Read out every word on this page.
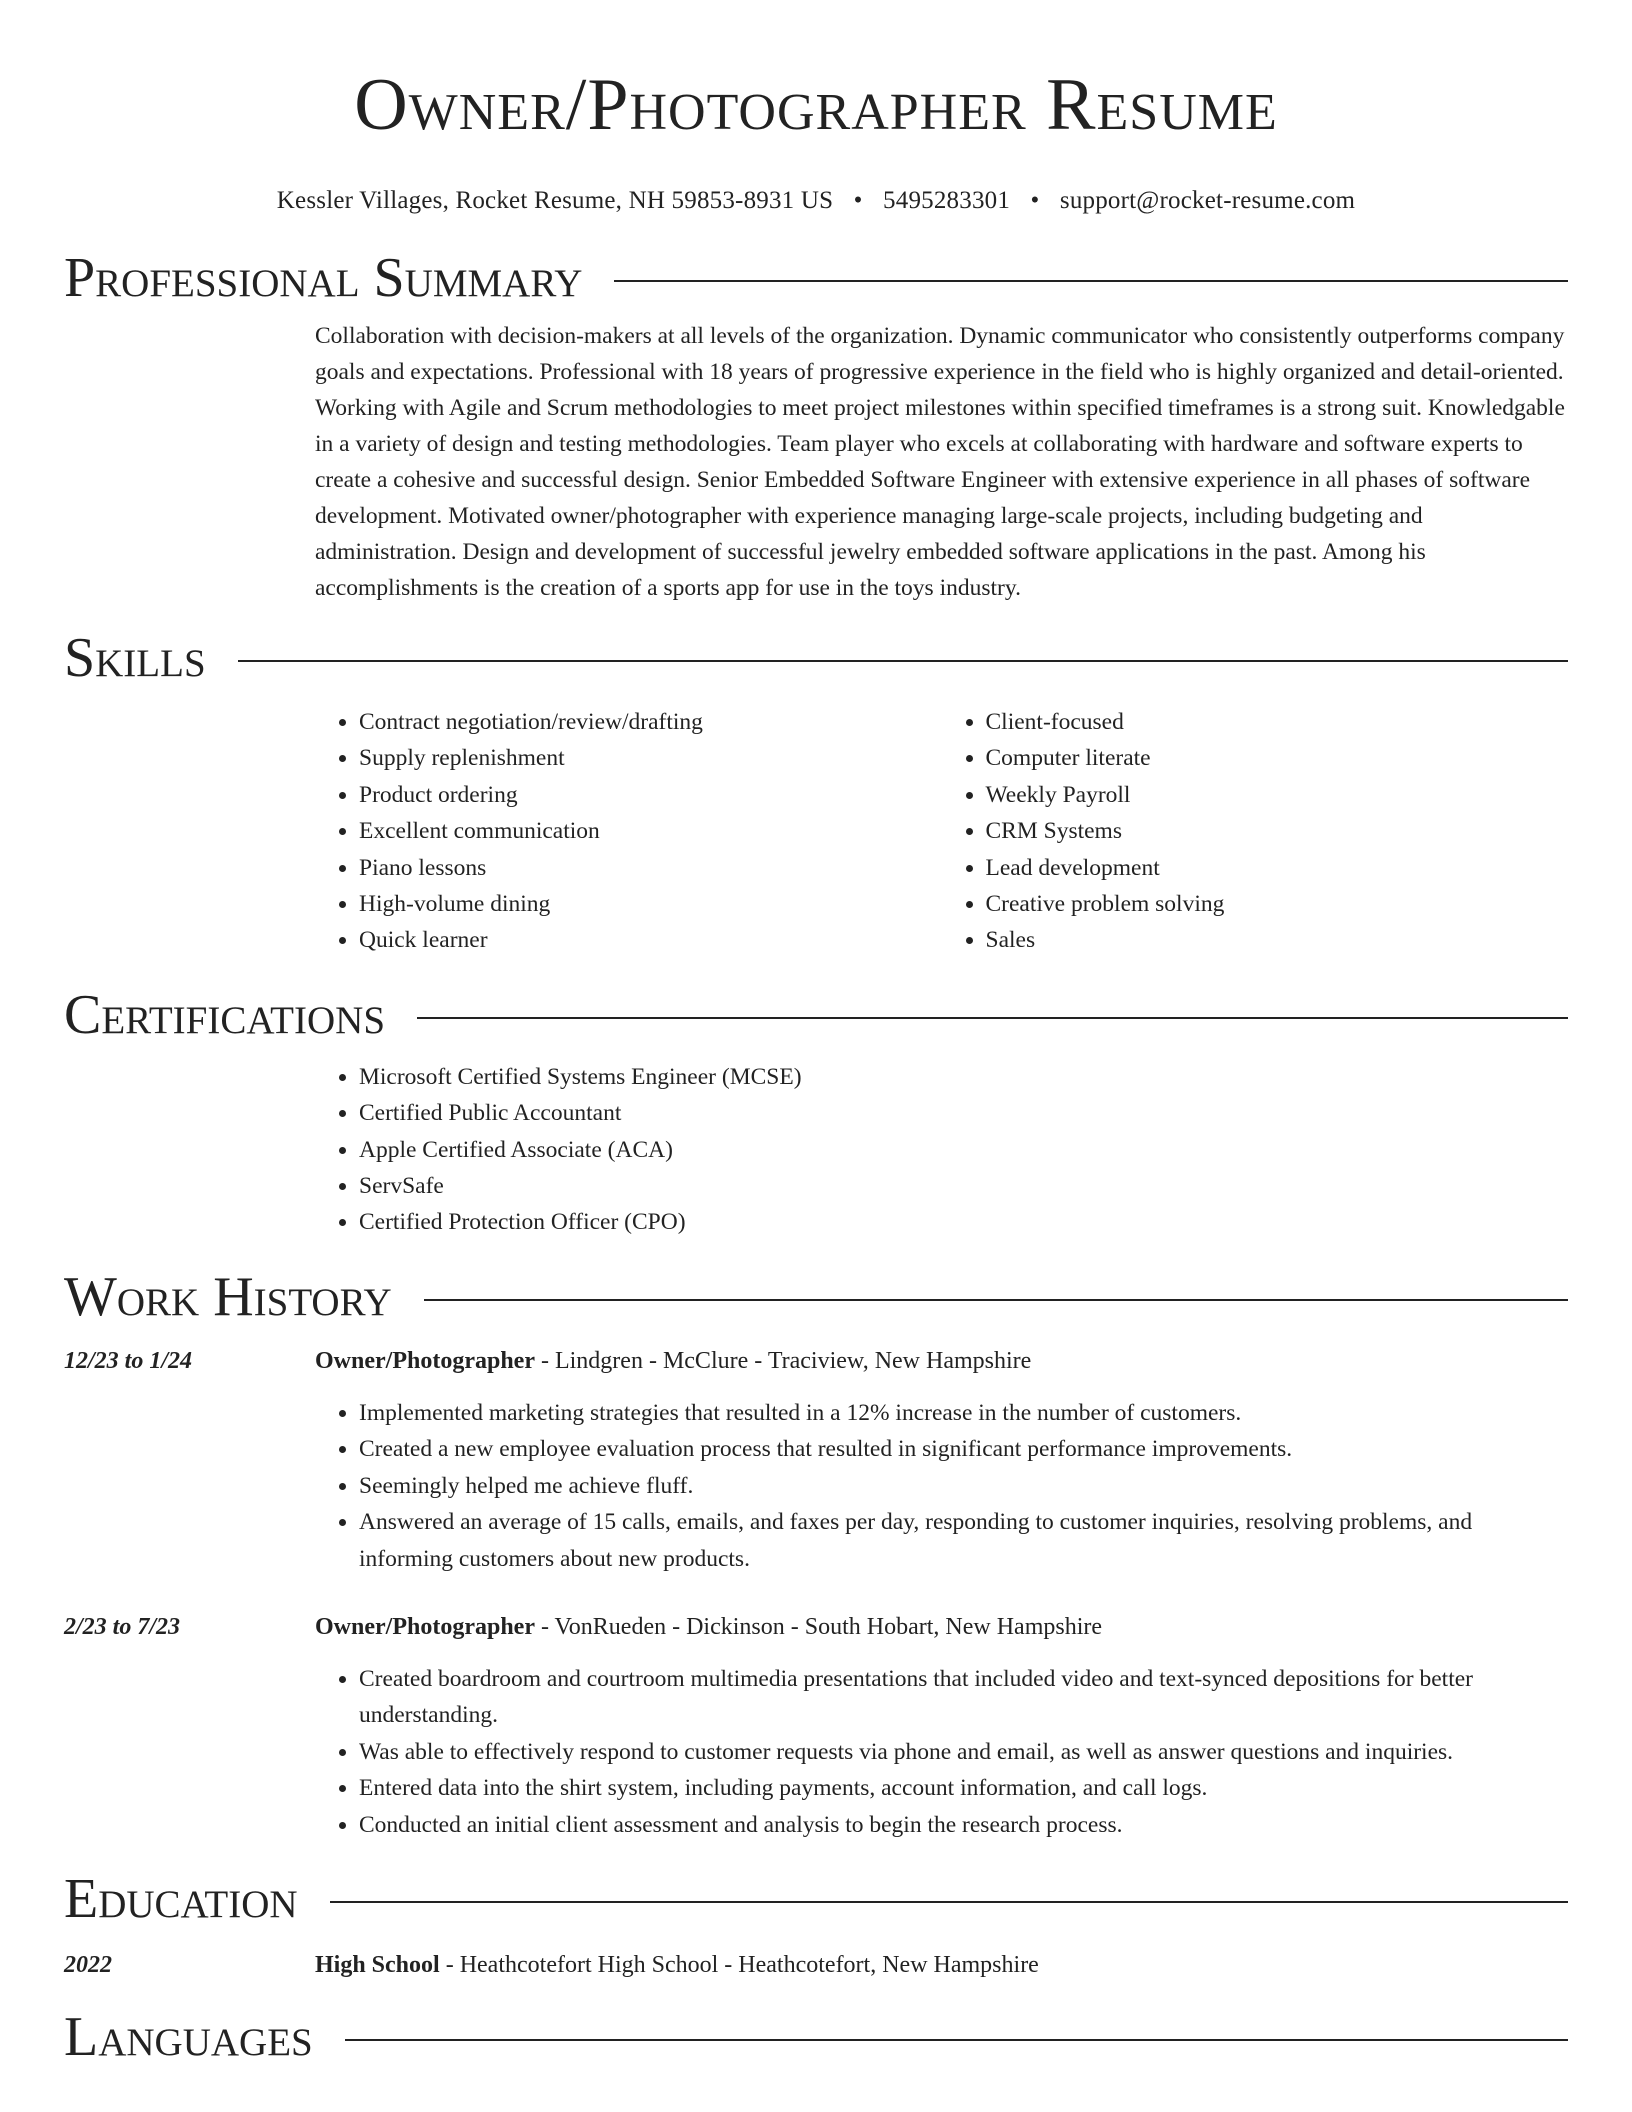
Owner/Photographer Resume
Kessler Villages, Rocket Resume, NH 59853-8931 US • 5495283301 • support@rocket-resume.com
Professional Summary
Collaboration with decision-makers at all levels of the organization. Dynamic communicator who consistently outperforms company goals and expectations. Professional with 18 years of progressive experience in the field who is highly organized and detail-oriented. Working with Agile and Scrum methodologies to meet project milestones within specified timeframes is a strong suit. Knowledgable in a variety of design and testing methodologies. Team player who excels at collaborating with hardware and software experts to create a cohesive and successful design. Senior Embedded Software Engineer with extensive experience in all phases of software development. Motivated owner/photographer with experience managing large-scale projects, including budgeting and administration. Design and development of successful jewelry embedded software applications in the past. Among his accomplishments is the creation of a sports app for use in the toys industry.
Skills
• Contract negotiation/review/drafting
• Supply replenishment
• Product ordering
• Excellent communication
• Piano lessons
• High-volume dining
• Quick learner
• Client-focused
• Computer literate
• Weekly Payroll
• CRM Systems
• Lead development
• Creative problem solving
• Sales
Certifications
• Microsoft Certified Systems Engineer (MCSE)
• Certified Public Accountant
• Apple Certified Associate (ACA)
• ServSafe
• Certified Protection Officer (CPO)
Work History
12/23 to 1/24	Owner/Photographer - Lindgren - McClure - Traciview, New Hampshire
• Implemented marketing strategies that resulted in a 12% increase in the number of customers.
• Created a new employee evaluation process that resulted in significant performance improvements.
• Seemingly helped me achieve fluff.
• Answered an average of 15 calls, emails, and faxes per day, responding to customer inquiries, resolving problems, and informing customers about new products.
2/23 to 7/23	Owner/Photographer - VonRueden - Dickinson - South Hobart, New Hampshire
• Created boardroom and courtroom multimedia presentations that included video and text-synced depositions for better understanding.
• Was able to effectively respond to customer requests via phone and email, as well as answer questions and inquiries.
• Entered data into the shirt system, including payments, account information, and call logs.
• Conducted an initial client assessment and analysis to begin the research process.
Education
2022	High School - Heathcotefort High School - Heathcotefort, New Hampshire
Languages
